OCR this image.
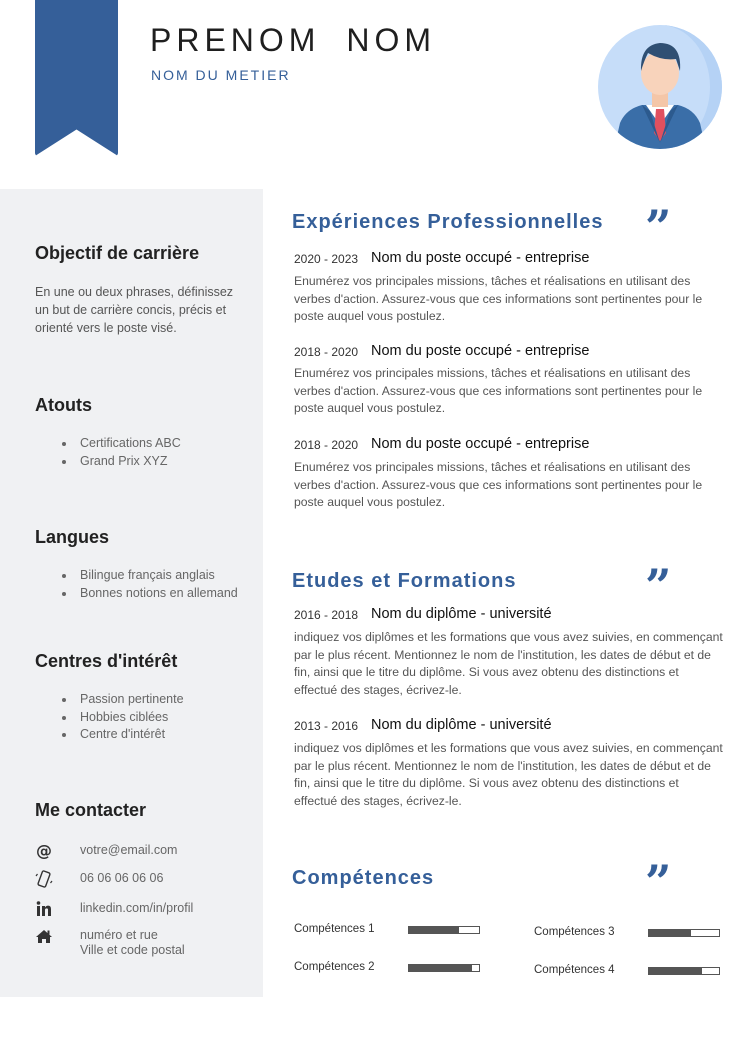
PRENOM NOM
NOM DU METIER
Objectif de carrière

En une ou deux phrases, définissez un but de carrière concis, précis et orienté vers le poste visé.

Atouts
Certifications ABC
Grand Prix XYZ
Langues
Bilingue français anglais
Bonnes notions en allemand
Centres d'intérêt
Passion pertinente
Hobbies ciblées
Centre d'intérêt
Me contacter
@ votre@email.com
06 06 06 06 06
linkedin.com/in/profil
numéro et rue
Ville et code postal
Expériences Professionnelles ”
2020 - 2023 Nom du poste occupé - entreprise

Enumérez vos principales missions, tâches et réalisations en utilisant des verbes d'action. Assurez-vous que ces informations sont pertinentes pour le poste auquel vous postulez.

2018 - 2020 Nom du poste occupé - entreprise

Enumérez vos principales missions, tâches et réalisations en utilisant des verbes d'action. Assurez-vous que ces informations sont pertinentes pour le poste auquel vous postulez.

2018 - 2020 Nom du poste occupé - entreprise

Enumérez vos principales missions, tâches et réalisations en utilisant des verbes d'action. Assurez-vous que ces informations sont pertinentes pour le poste auquel vous postulez.

Etudes et Formations	”
2016 - 2018 Nom du diplôme - université

indiquez vos diplômes et les formations que vous avez suivies, en commençant par le plus récent. Mentionnez le nom de l'institution, les dates de début et de fin, ainsi que le titre du diplôme. Si vous avez obtenu des distinctions et effectué des stages, écrivez-le.

2013 - 2016 Nom du diplôme - université

indiquez vos diplômes et les formations que vous avez suivies, en commençant par le plus récent. Mentionnez le nom de l'institution, les dates de début et de fin, ainsi que le titre du diplôme. Si vous avez obtenu des distinctions et effectué des stages, écrivez-le.

Compétences	”
Compétences 1
Compétences 2
Compétences 3
Compétences 4
